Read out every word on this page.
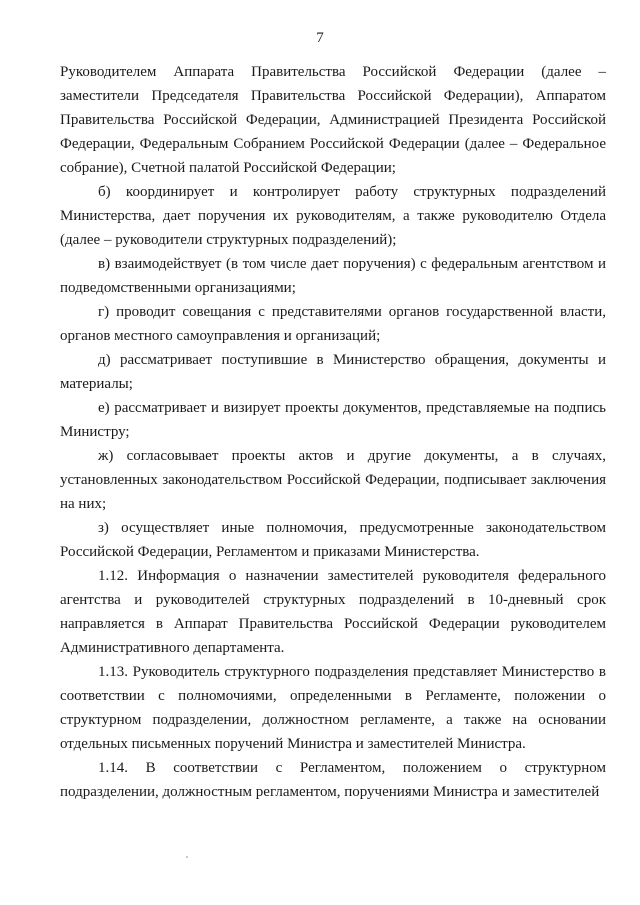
7

Руководителем Аппарата Правительства Российской Федерации (далее – заместители Председателя Правительства Российской Федерации), Аппаратом Правительства Российской Федерации, Администрацией Президента Российской Федерации, Федеральным Собранием Российской Федерации (далее – Федеральное собрание), Счетной палатой Российской Федерации;

б) координирует и контролирует работу структурных подразделений Министерства, дает поручения их руководителям, а также руководителю Отдела (далее – руководители структурных подразделений);

в) взаимодействует (в том числе дает поручения) с федеральным агентством и подведомственными организациями;

г) проводит совещания с представителями органов государственной власти, органов местного самоуправления и организаций;

д) рассматривает поступившие в Министерство обращения, документы и материалы;

е) рассматривает и визирует проекты документов, представляемые на подпись Министру;

ж) согласовывает проекты актов и другие документы, а в случаях, установленных законодательством Российской Федерации, подписывает заключения на них;

з) осуществляет иные полномочия, предусмотренные законодательством Российской Федерации, Регламентом и приказами Министерства.

1.12. Информация о назначении заместителей руководителя федерального агентства и руководителей структурных подразделений в 10-дневный срок направляется в Аппарат Правительства Российской Федерации руководителем Административного департамента.

1.13. Руководитель структурного подразделения представляет Министерство в соответствии с полномочиями, определенными в Регламенте, положении о структурном подразделении, должностном регламенте, а также на основании отдельных письменных поручений Министра и заместителей Министра.

1.14. В соответствии с Регламентом, положением о структурном подразделении, должностным регламентом, поручениями Министра и заместителей
